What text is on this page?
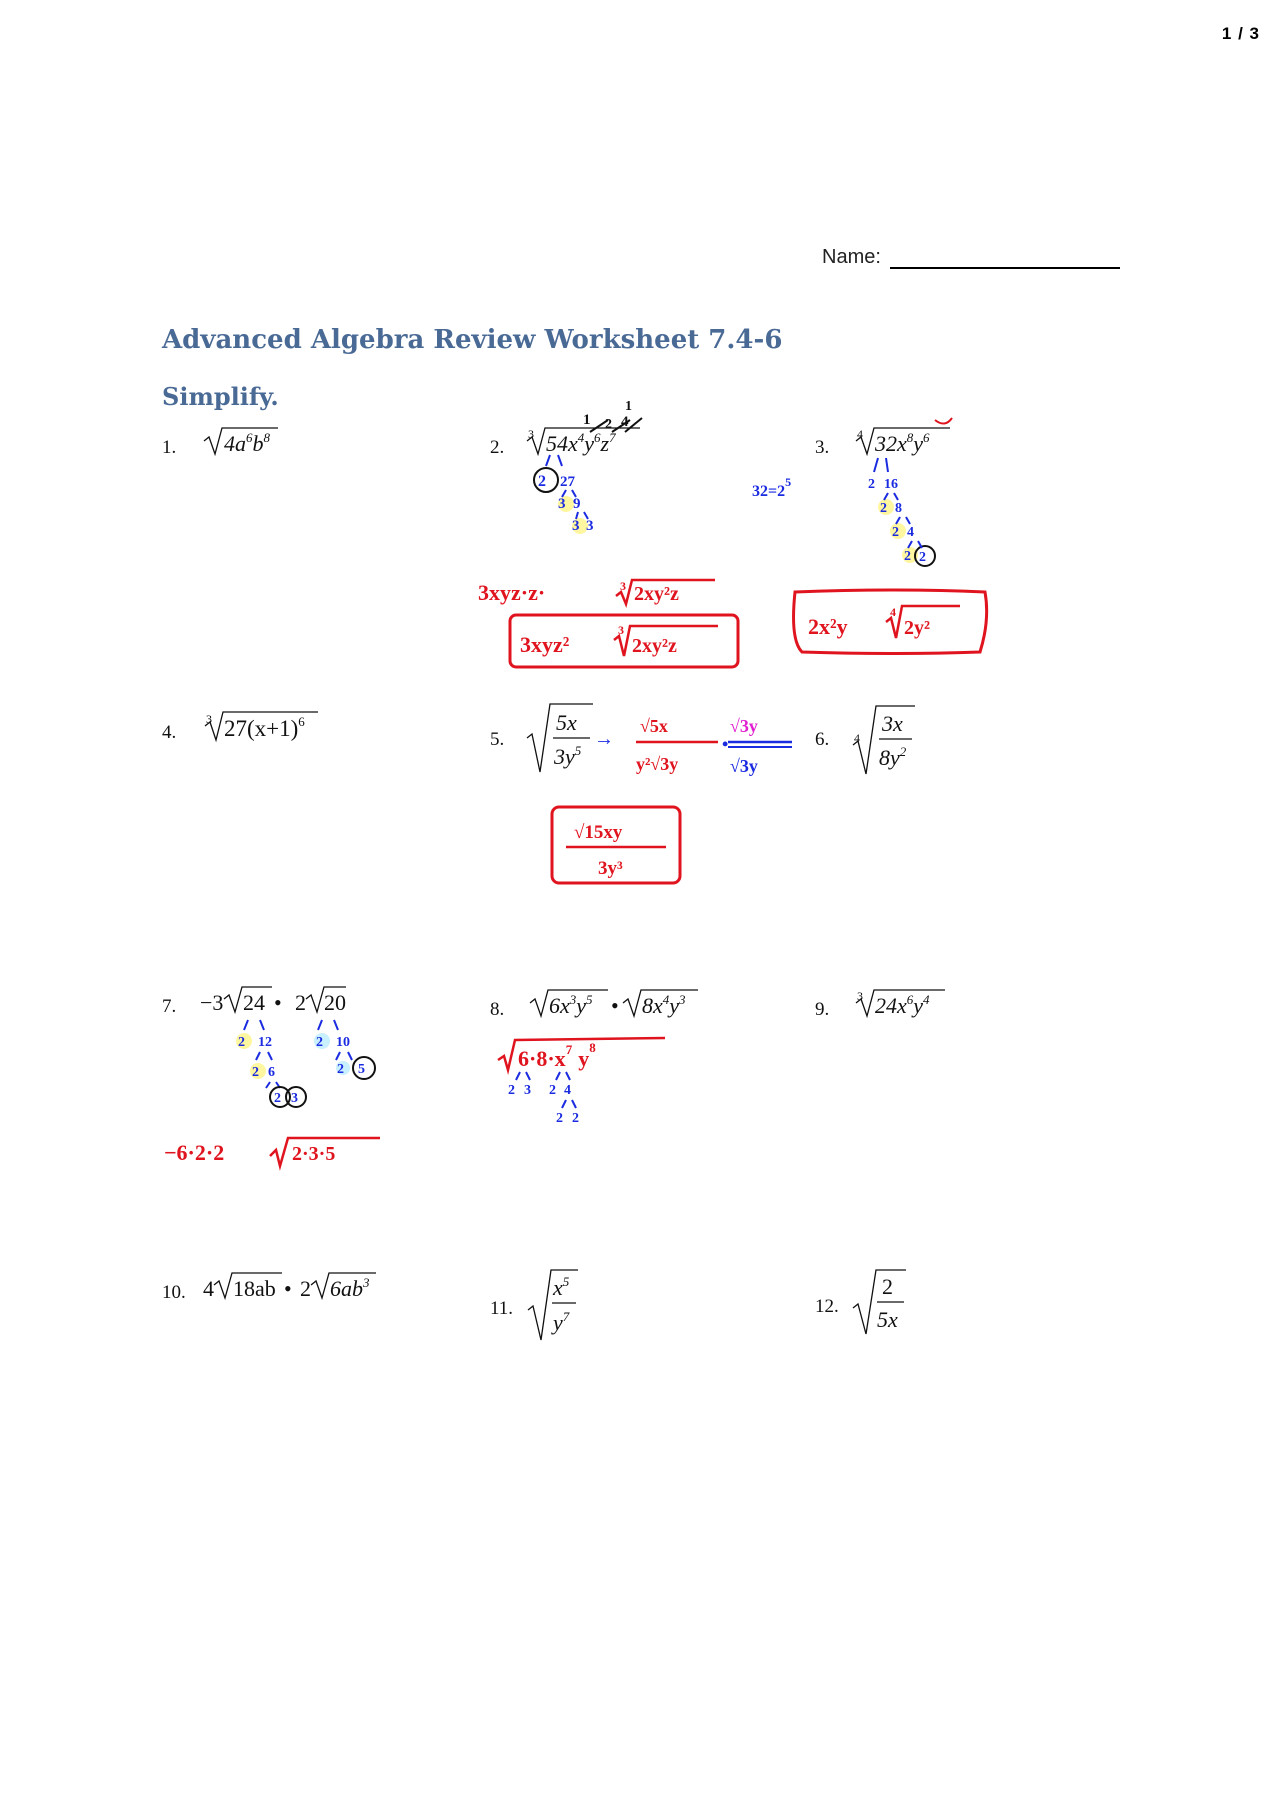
1 / 3
Name:
Advanced Algebra Review Worksheet 7.4-6
Simplify.
1. $4a^6b^8$	2.
3 $54x^4y^6z^7$	3.
4 $32x^8y^6$
4.
3 $27(x+1)^6$
5.
5x
$3y^5$
6. 4
3x
$8y^2$
7. −3 24 • 2 20	8. $6x^3y^5$ • $8x^4y^3$	9.
3 $24x^6y^4$
10. 4 18ab • 2 $6ab^3$
11.
$x^5$
$y^7$	12.
2
5x
1 2 4
1
2 27
3 9
3 3
3xyz·z·	3 2xy²z
3xyz²
3
2xy²z
$32=2^5$	2 16
2 8
2 4
2 2
2x²y
4
2y²
→
√5x
y²√3y
•
√3y
√3y
√15xy
3y³
2 12
2 6
2 3
2 10
2 5
−6·2·2	2·3·5
$6\cdot 8\cdot x^7$ $y^8$
2 3 2 4
2 2
